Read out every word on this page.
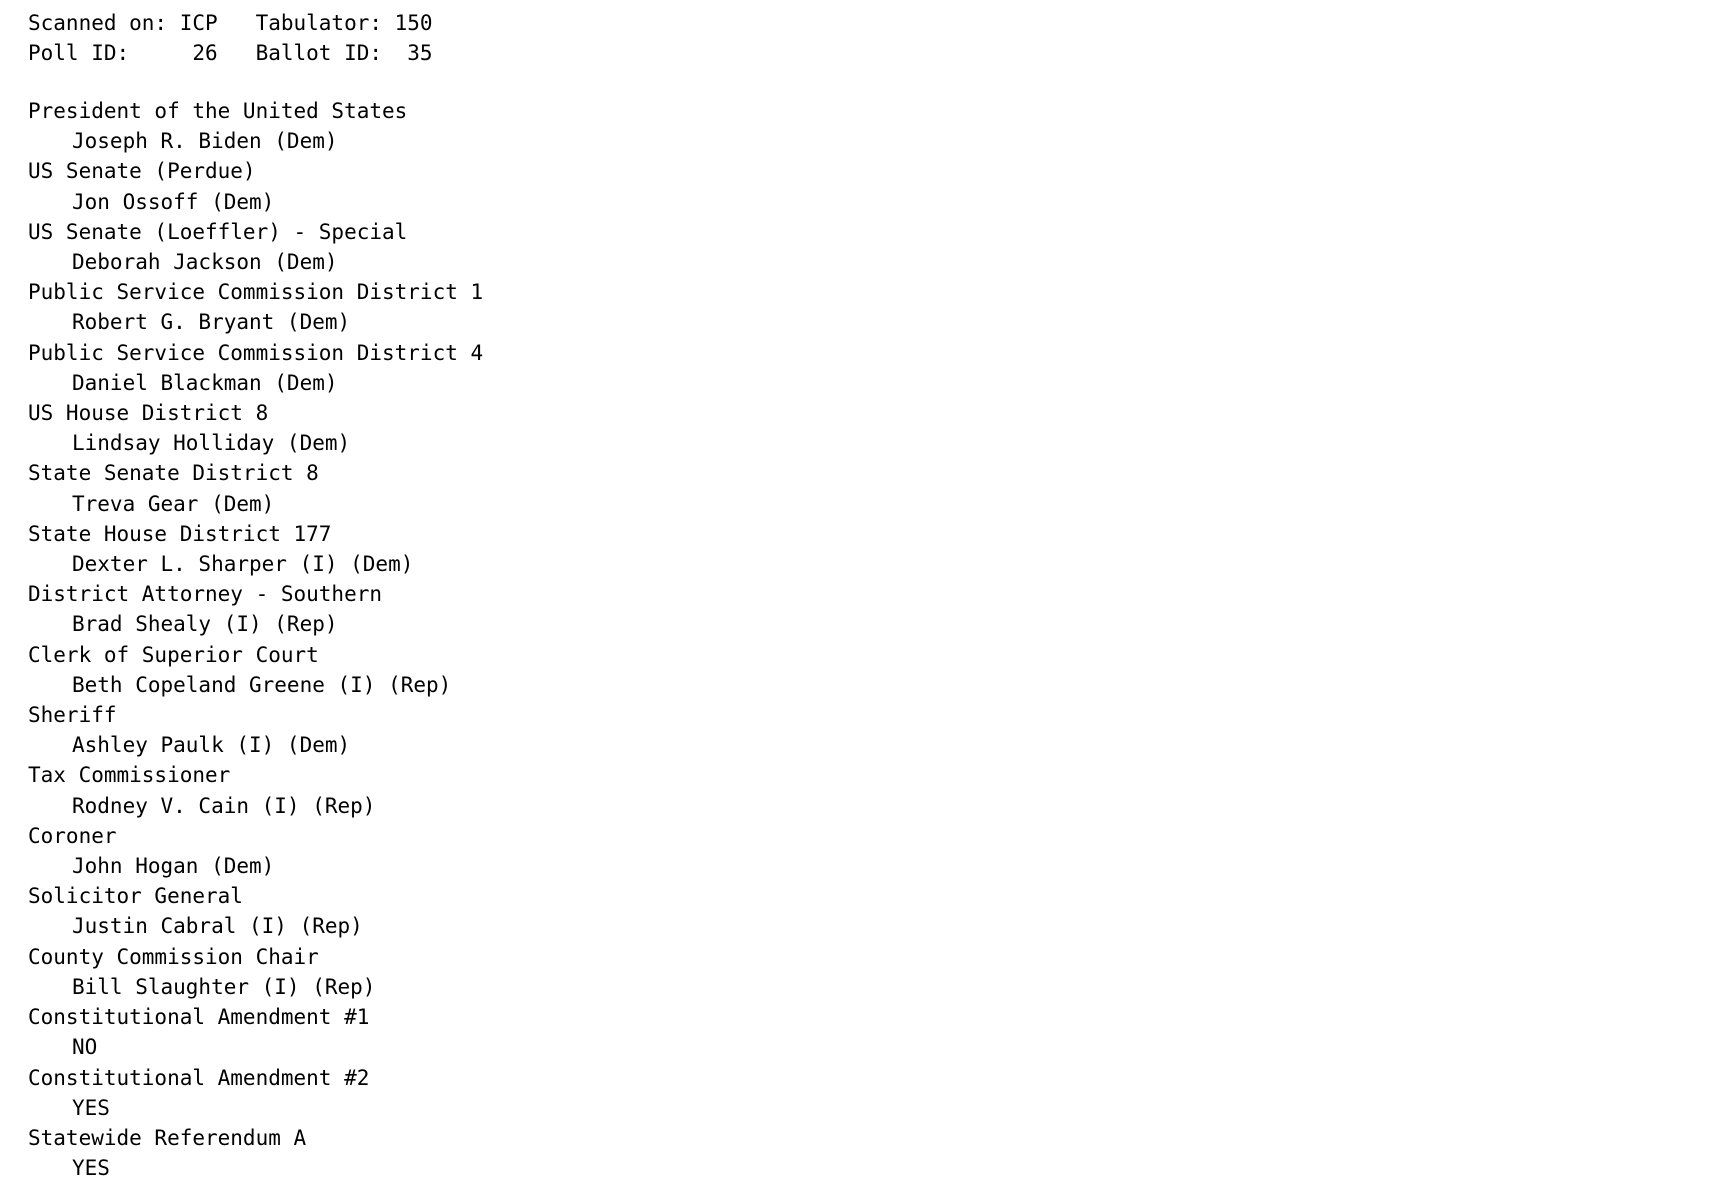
Scanned on: ICP   Tabulator: 150
Poll ID:     26   Ballot ID:  35
President of the United States
Joseph R. Biden (Dem)
US Senate (Perdue)
Jon Ossoff (Dem)
US Senate (Loeffler) - Special
Deborah Jackson (Dem)
Public Service Commission District 1
Robert G. Bryant (Dem)
Public Service Commission District 4
Daniel Blackman (Dem)
US House District 8
Lindsay Holliday (Dem)
State Senate District 8
Treva Gear (Dem)
State House District 177
Dexter L. Sharper (I) (Dem)
District Attorney - Southern
Brad Shealy (I) (Rep)
Clerk of Superior Court
Beth Copeland Greene (I) (Rep)
Sheriff
Ashley Paulk (I) (Dem)
Tax Commissioner
Rodney V. Cain (I) (Rep)
Coroner
John Hogan (Dem)
Solicitor General
Justin Cabral (I) (Rep)
County Commission Chair
Bill Slaughter (I) (Rep)
Constitutional Amendment #1
NO
Constitutional Amendment #2
YES
Statewide Referendum A
YES
